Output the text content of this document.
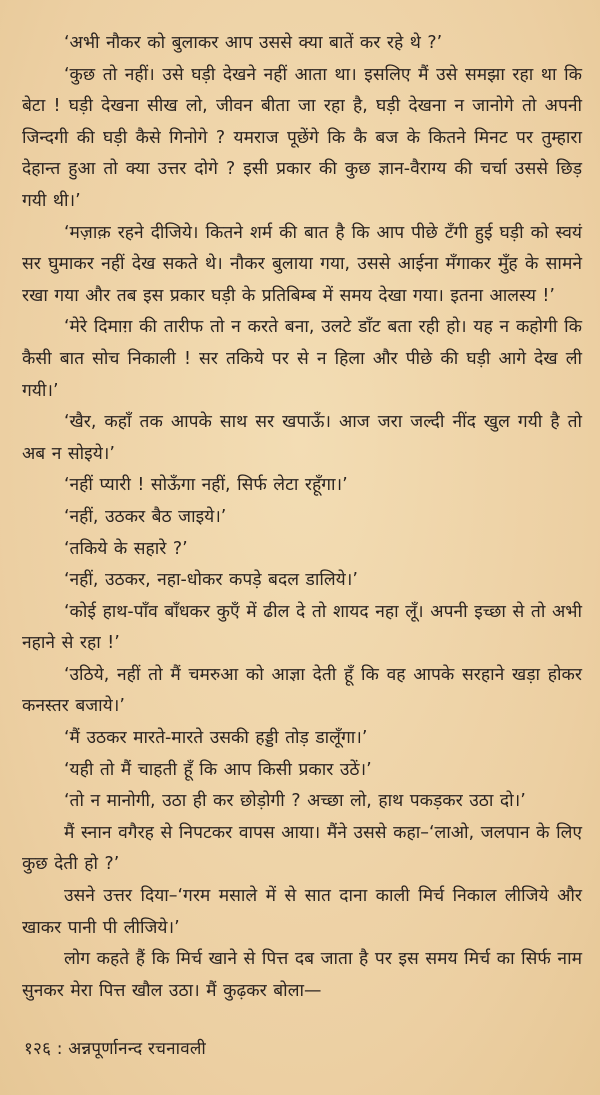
‘अभी नौकर को बुलाकर आप उससे क्या बातें कर रहे थे ?’

‘कुछ तो नहीं। उसे घड़ी देखने नहीं आता था। इसलिए मैं उसे समझा रहा था कि बेटा ! घड़ी देखना सीख लो, जीवन बीता जा रहा है, घड़ी देखना न जानोगे तो अपनी जिन्दगी की घड़ी कैसे गिनोगे ? यमराज पूछेंगे कि कै बज के कितने मिनट पर तुम्हारा देहान्त हुआ तो क्या उत्तर दोगे ? इसी प्रकार की कुछ ज्ञान-वैराग्य की चर्चा उससे छिड़ गयी थी।’

‘मज़ाक़ रहने दीजिये। कितने शर्म की बात है कि आप पीछे टँगी हुई घड़ी को स्वयं सर घुमाकर नहीं देख सकते थे। नौकर बुलाया गया, उससे आईना मँगाकर मुँह के सामने रखा गया और तब इस प्रकार घड़ी के प्रतिबिम्ब में समय देखा गया। इतना आलस्य !’

‘मेरे दिमाग़ की तारीफ तो न करते बना, उलटे डाँट बता रही हो। यह न कहोगी कि कैसी बात सोच निकाली ! सर तकिये पर से न हिला और पीछे की घड़ी आगे देख ली गयी।’

‘खैर, कहाँ तक आपके साथ सर खपाऊँ। आज जरा जल्दी नींद खुल गयी है तो अब न सोइये।’

‘नहीं प्यारी ! सोऊँगा नहीं, सिर्फ लेटा रहूँगा।’

‘नहीं, उठकर बैठ जाइये।’

‘तकिये के सहारे ?’

‘नहीं, उठकर, नहा-धोकर कपड़े बदल डालिये।’

‘कोई हाथ-पाँव बाँधकर कुएँ में ढील दे तो शायद नहा लूँ। अपनी इच्छा से तो अभी नहाने से रहा !’

‘उठिये, नहीं तो मैं चमरुआ को आज्ञा देती हूँ कि वह आपके सरहाने खड़ा होकर कनस्तर बजाये।’

‘मैं उठकर मारते-मारते उसकी हड्डी तोड़ डालूँगा।’

‘यही तो मैं चाहती हूँ कि आप किसी प्रकार उठें।’

‘तो न मानोगी, उठा ही कर छोड़ोगी ? अच्छा लो, हाथ पकड़कर उठा दो।’

मैं स्नान वगैरह से निपटकर वापस आया। मैंने उससे कहा–‘लाओ, जलपान के लिए कुछ देती हो ?’

उसने उत्तर दिया–‘गरम मसाले में से सात दाना काली मिर्च निकाल लीजिये और खाकर पानी पी लीजिये।’

लोग कहते हैं कि मिर्च खाने से पित्त दब जाता है पर इस समय मिर्च का सिर्फ नाम सुनकर मेरा पित्त खौल उठा। मैं कुढ़कर बोला—

१२६ : अन्नपूर्णानन्द रचनावली
